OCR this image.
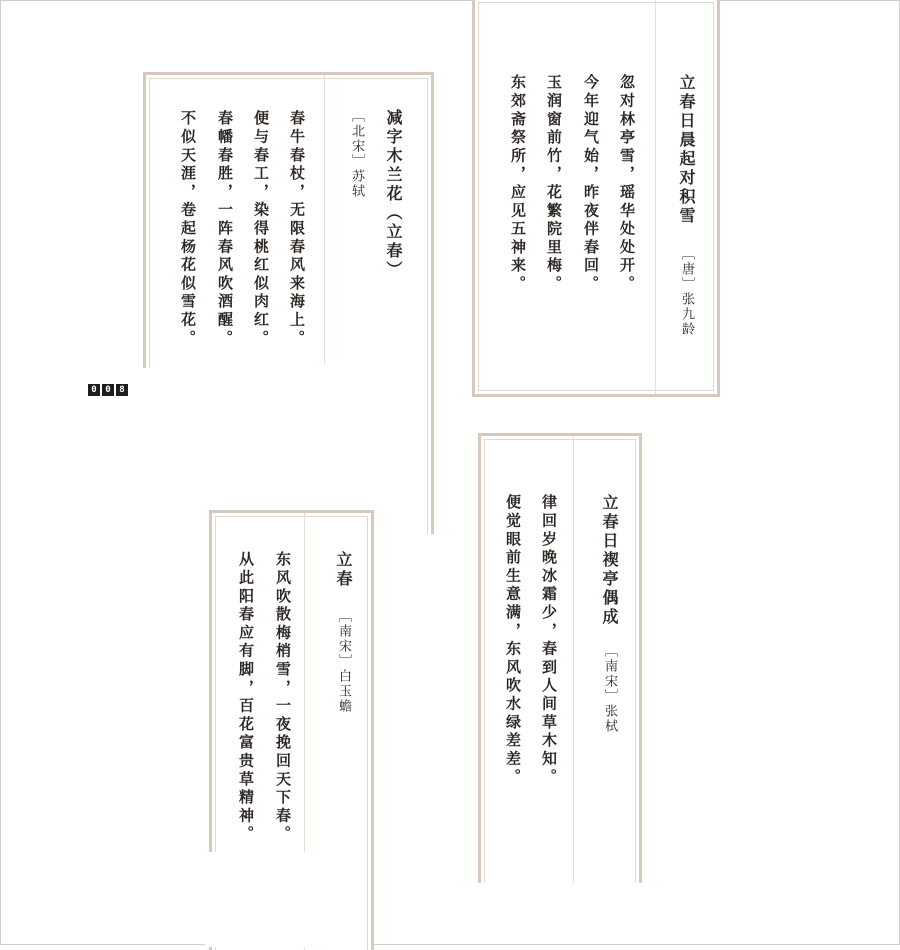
立春日晨起对积雪
［唐］张九龄
忽对林亭雪，瑶华处处开。
今年迎气始，昨夜伴春回。
玉润窗前竹，花繁院里梅。
东郊斋祭所，应见五神来。
减字木兰花（立春）
［北宋］苏轼
春牛春杖，无限春风来海上。
便与春工，染得桃红似肉红。
春幡春胜，一阵春风吹酒醒。
不似天涯，卷起杨花似雪花。
立春日禊亭偶成
［南宋］张栻
律回岁晚冰霜少，春到人间草木知。
便觉眼前生意满，东风吹水绿差差。
立春
［南宋］白玉蟾
东风吹散梅梢雪，一夜挽回天下春。
从此阳春应有脚，百花富贵草精神。
0 0 8
